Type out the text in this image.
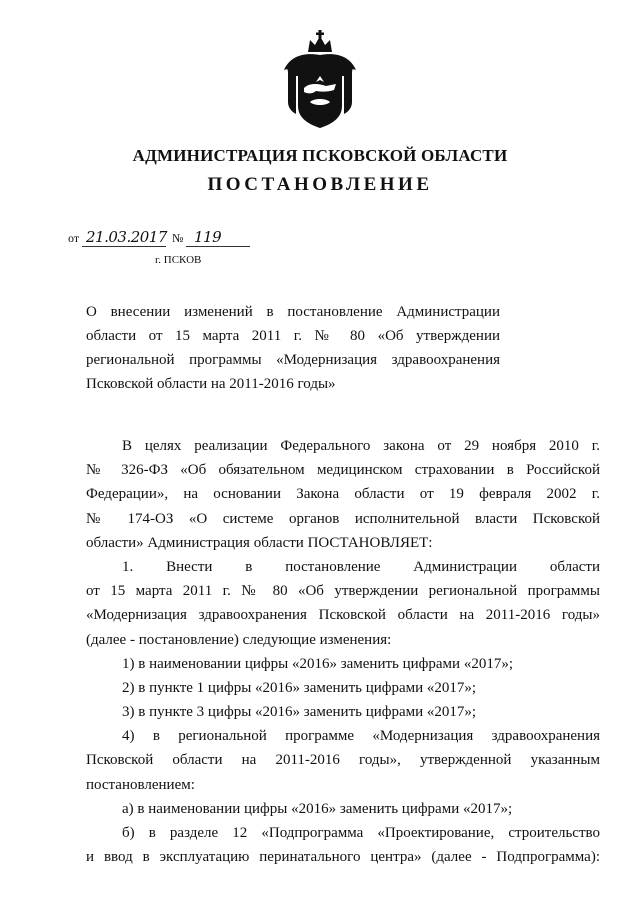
АДМИНИСТРАЦИЯ ПСКОВСКОЙ ОБЛАСТИ
ПОСТАНОВЛЕНИЕ
от 21.03.2017 № 119
г. ПСКОВ
О внесении изменений в постановление Администрации
области от 15 марта 2011 г. № 80 «Об утверждении
региональной программы «Модернизация здравоохранения
Псковской области на 2011-2016 годы»
В целях реализации Федерального закона от 29 ноября 2010 г.
№ 326-ФЗ «Об обязательном медицинском страховании в Российской
Федерации», на основании Закона области от 19 февраля 2002 г.
№ 174-ОЗ «О системе органов исполнительной власти Псковской
области» Администрация области ПОСТАНОВЛЯЕТ:
1. Внести в постановление Администрации области
от 15 марта 2011 г. № 80 «Об утверждении региональной программы
«Модернизация здравоохранения Псковской области на 2011-2016 годы»
(далее - постановление) следующие изменения:
1) в наименовании цифры «2016» заменить цифрами «2017»;
2) в пункте 1 цифры «2016» заменить цифрами «2017»;
3) в пункте 3 цифры «2016» заменить цифрами «2017»;
4) в региональной программе «Модернизация здравоохранения
Псковской области на 2011-2016 годы», утвержденной указанным
постановлением:
а) в наименовании цифры «2016» заменить цифрами «2017»;
б) в разделе 12 «Подпрограмма «Проектирование, строительство
и ввод в эксплуатацию перинатального центра» (далее - Подпрограмма):
